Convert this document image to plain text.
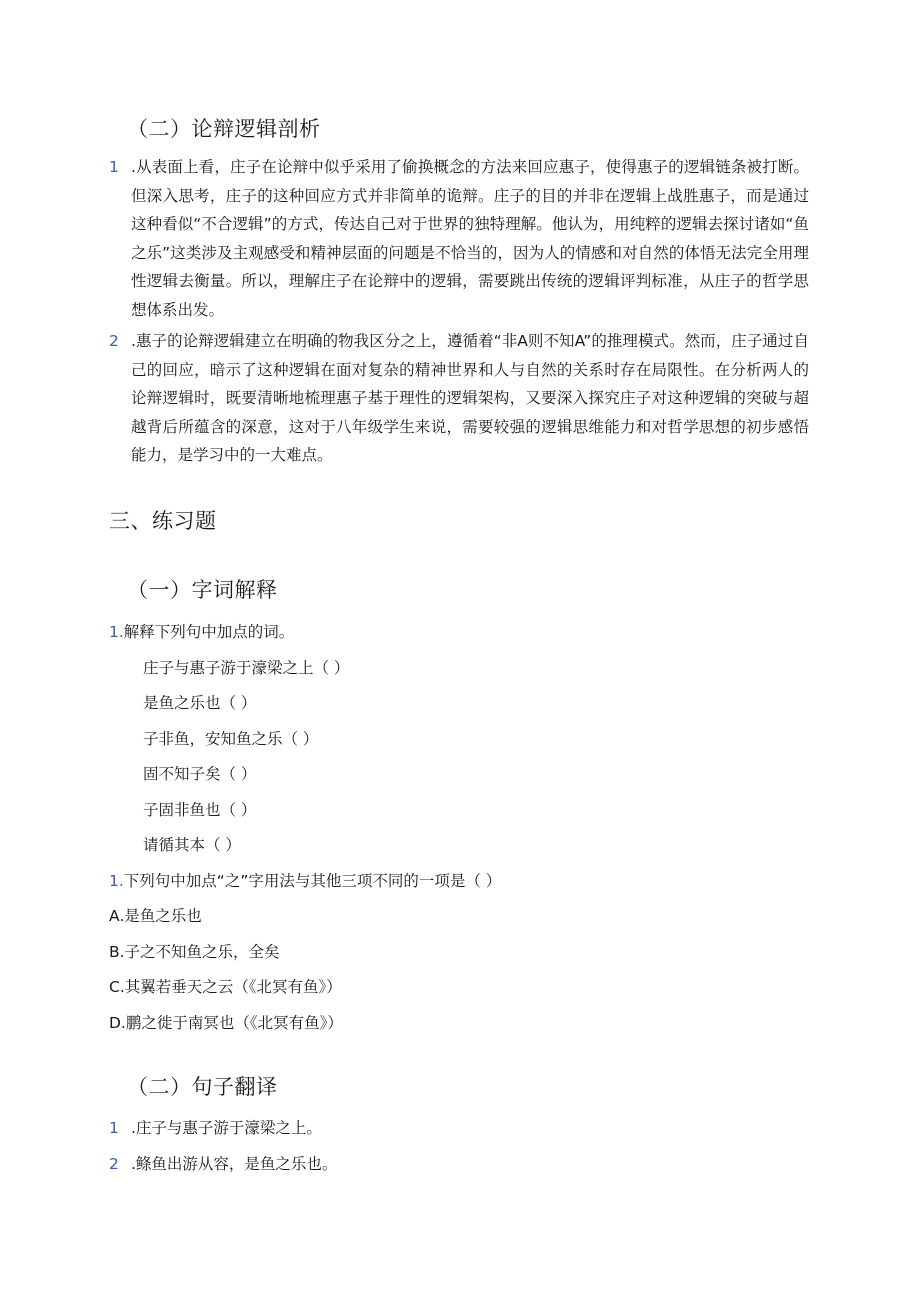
（二）论辩逻辑剖析
1 .从表面上看，庄子在论辩中似乎采用了偷换概念的方法来回应惠子，使得惠子的逻辑链条被打断。但深入思考，庄子的这种回应方式并非简单的诡辩。庄子的目的并非在逻辑上战胜惠子，而是通过这种看似“不合逻辑”的方式，传达自己对于世界的独特理解。他认为，用纯粹的逻辑去探讨诸如“鱼之乐”这类涉及主观感受和精神层面的问题是不恰当的，因为人的情感和对自然的体悟无法完全用理性逻辑去衡量。所以，理解庄子在论辩中的逻辑，需要跳出传统的逻辑评判标准，从庄子的哲学思想体系出发。
2 .惠子的论辩逻辑建立在明确的物我区分之上，遵循着“非A则不知A”的推理模式。然而，庄子通过自己的回应，暗示了这种逻辑在面对复杂的精神世界和人与自然的关系时存在局限性。在分析两人的论辩逻辑时，既要清晰地梳理惠子基于理性的逻辑架构，又要深入探究庄子对这种逻辑的突破与超越背后所蕴含的深意，这对于八年级学生来说，需要较强的逻辑思维能力和对哲学思想的初步感悟能力，是学习中的一大难点。
三、练习题
（一）字词解释
1.解释下列句中加点的词。
庄子与惠子游于濠梁之上（ ）
是鱼之乐也（ ）
子非鱼，安知鱼之乐（ ）
固不知子矣（ ）
子固非鱼也（ ）
请循其本（ ）
1.下列句中加点“之”字用法与其他三项不同的一项是（ ）
A.是鱼之乐也
B.子之不知鱼之乐，全矣
C.其翼若垂天之云（《北冥有鱼》）
D.鹏之徙于南冥也（《北冥有鱼》）
（二）句子翻译
1 .庄子与惠子游于濠梁之上。
2 .鲦鱼出游从容，是鱼之乐也。
